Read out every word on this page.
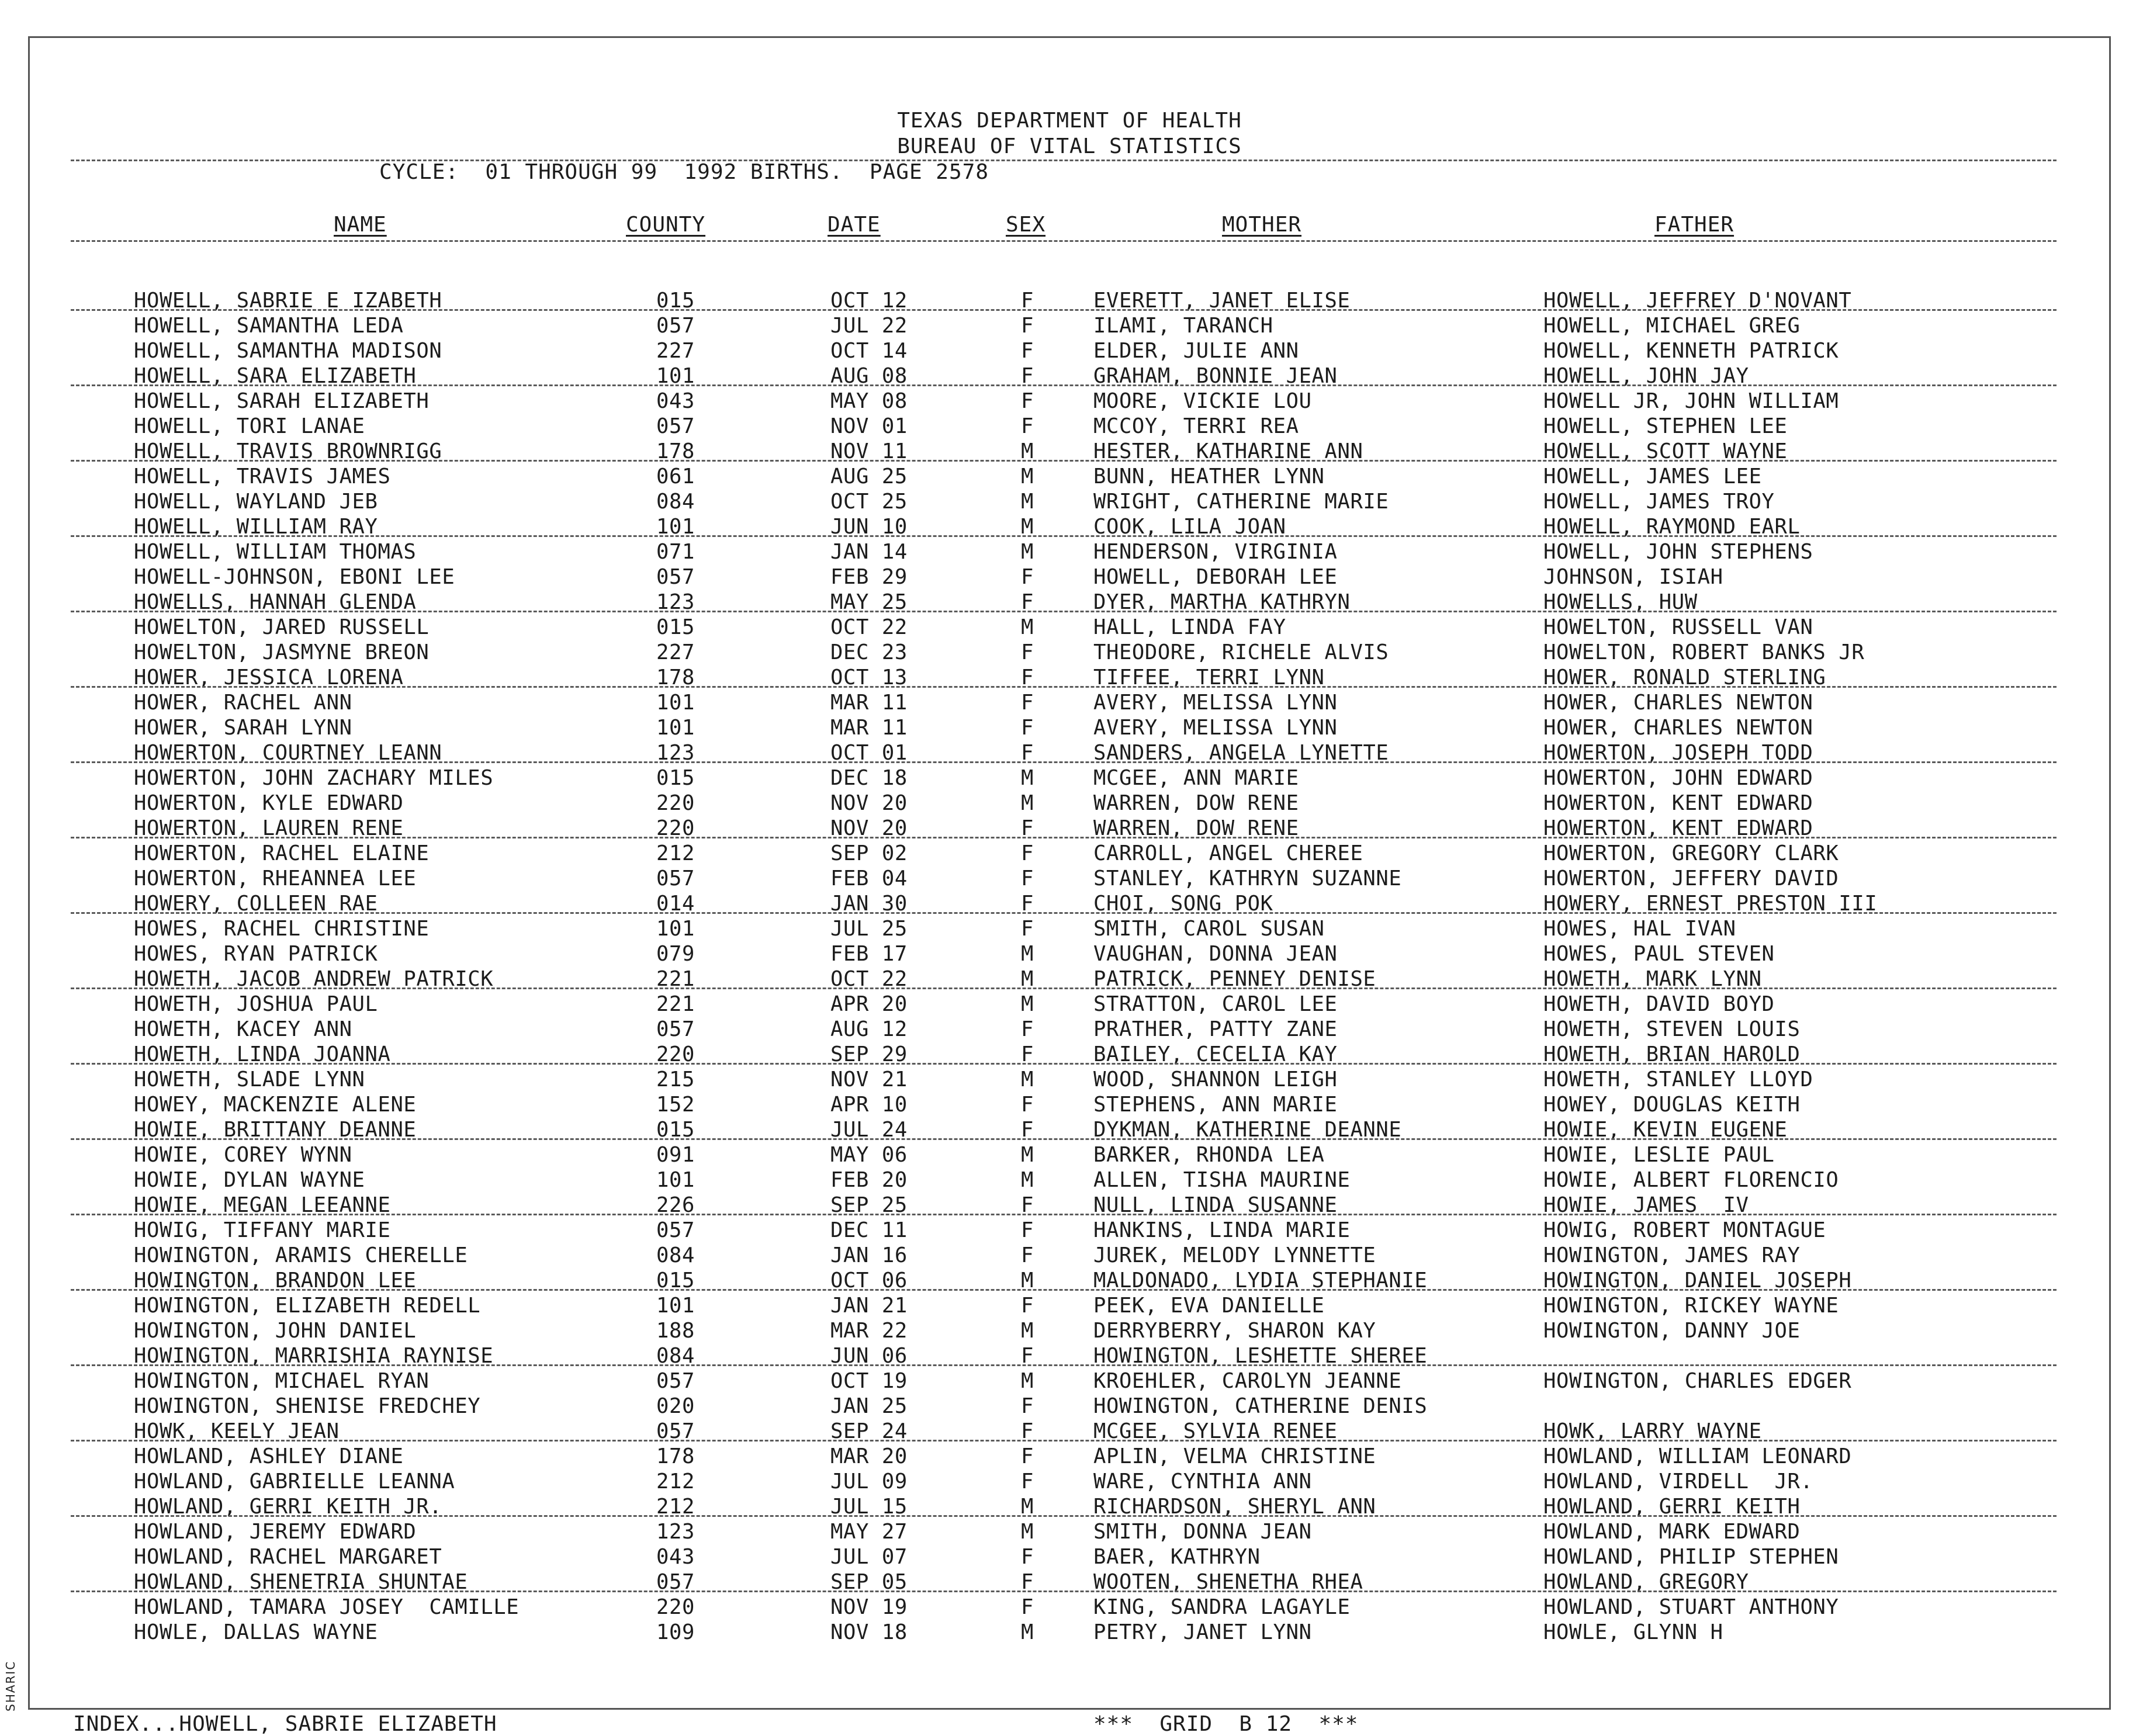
SHARIC
TEXAS DEPARTMENT OF HEALTH
BUREAU OF VITAL STATISTICS
CYCLE:  01 THROUGH 99  1992 BIRTHS.  PAGE 2578
NAME	COUNTY	DATE	SEX	MOTHER	FATHER
HOWELL, SABRIE E IZABETH	015	OCT 12	F	EVERETT, JANET ELISE	HOWELL, JEFFREY D'NOVANT
HOWELL, SAMANTHA LEDA	057	JUL 22	F	ILAMI, TARANCH	HOWELL, MICHAEL GREG
HOWELL, SAMANTHA MADISON	227	OCT 14	F	ELDER, JULIE ANN	HOWELL, KENNETH PATRICK
HOWELL, SARA ELIZABETH	101	AUG 08	F	GRAHAM, BONNIE JEAN	HOWELL, JOHN JAY
HOWELL, SARAH ELIZABETH	043	MAY 08	F	MOORE, VICKIE LOU	HOWELL JR, JOHN WILLIAM
HOWELL, TORI LANAE	057	NOV 01	F	MCCOY, TERRI REA	HOWELL, STEPHEN LEE
HOWELL, TRAVIS BROWNRIGG	178	NOV 11	M	HESTER, KATHARINE ANN	HOWELL, SCOTT WAYNE
HOWELL, TRAVIS JAMES	061	AUG 25	M	BUNN, HEATHER LYNN	HOWELL, JAMES LEE
HOWELL, WAYLAND JEB	084	OCT 25	M	WRIGHT, CATHERINE MARIE	HOWELL, JAMES TROY
HOWELL, WILLIAM RAY	101	JUN 10	M	COOK, LILA JOAN	HOWELL, RAYMOND EARL
HOWELL, WILLIAM THOMAS	071	JAN 14	M	HENDERSON, VIRGINIA	HOWELL, JOHN STEPHENS
HOWELL-JOHNSON, EBONI LEE	057	FEB 29	F	HOWELL, DEBORAH LEE	JOHNSON, ISIAH
HOWELLS, HANNAH GLENDA	123	MAY 25	F	DYER, MARTHA KATHRYN	HOWELLS, HUW
HOWELTON, JARED RUSSELL	015	OCT 22	M	HALL, LINDA FAY	HOWELTON, RUSSELL VAN
HOWELTON, JASMYNE BREON	227	DEC 23	F	THEODORE, RICHELE ALVIS	HOWELTON, ROBERT BANKS JR
HOWER, JESSICA LORENA	178	OCT 13	F	TIFFEE, TERRI LYNN	HOWER, RONALD STERLING
HOWER, RACHEL ANN	101	MAR 11	F	AVERY, MELISSA LYNN	HOWER, CHARLES NEWTON
HOWER, SARAH LYNN	101	MAR 11	F	AVERY, MELISSA LYNN	HOWER, CHARLES NEWTON
HOWERTON, COURTNEY LEANN	123	OCT 01	F	SANDERS, ANGELA LYNETTE	HOWERTON, JOSEPH TODD
HOWERTON, JOHN ZACHARY MILES	015	DEC 18	M	MCGEE, ANN MARIE	HOWERTON, JOHN EDWARD
HOWERTON, KYLE EDWARD	220	NOV 20	M	WARREN, DOW RENE	HOWERTON, KENT EDWARD
HOWERTON, LAUREN RENE	220	NOV 20	F	WARREN, DOW RENE	HOWERTON, KENT EDWARD
HOWERTON, RACHEL ELAINE	212	SEP 02	F	CARROLL, ANGEL CHEREE	HOWERTON, GREGORY CLARK
HOWERTON, RHEANNEA LEE	057	FEB 04	F	STANLEY, KATHRYN SUZANNE	HOWERTON, JEFFERY DAVID
HOWERY, COLLEEN RAE	014	JAN 30	F	CHOI, SONG POK	HOWERY, ERNEST PRESTON III
HOWES, RACHEL CHRISTINE	101	JUL 25	F	SMITH, CAROL SUSAN	HOWES, HAL IVAN
HOWES, RYAN PATRICK	079	FEB 17	M	VAUGHAN, DONNA JEAN	HOWES, PAUL STEVEN
HOWETH, JACOB ANDREW PATRICK	221	OCT 22	M	PATRICK, PENNEY DENISE	HOWETH, MARK LYNN
HOWETH, JOSHUA PAUL	221	APR 20	M	STRATTON, CAROL LEE	HOWETH, DAVID BOYD
HOWETH, KACEY ANN	057	AUG 12	F	PRATHER, PATTY ZANE	HOWETH, STEVEN LOUIS
HOWETH, LINDA JOANNA	220	SEP 29	F	BAILEY, CECELIA KAY	HOWETH, BRIAN HAROLD
HOWETH, SLADE LYNN	215	NOV 21	M	WOOD, SHANNON LEIGH	HOWETH, STANLEY LLOYD
HOWEY, MACKENZIE ALENE	152	APR 10	F	STEPHENS, ANN MARIE	HOWEY, DOUGLAS KEITH
HOWIE, BRITTANY DEANNE	015	JUL 24	F	DYKMAN, KATHERINE DEANNE	HOWIE, KEVIN EUGENE
HOWIE, COREY WYNN	091	MAY 06	M	BARKER, RHONDA LEA	HOWIE, LESLIE PAUL
HOWIE, DYLAN WAYNE	101	FEB 20	M	ALLEN, TISHA MAURINE	HOWIE, ALBERT FLORENCIO
HOWIE, MEGAN LEEANNE	226	SEP 25	F	NULL, LINDA SUSANNE	HOWIE, JAMES  IV
HOWIG, TIFFANY MARIE	057	DEC 11	F	HANKINS, LINDA MARIE	HOWIG, ROBERT MONTAGUE
HOWINGTON, ARAMIS CHERELLE	084	JAN 16	F	JUREK, MELODY LYNNETTE	HOWINGTON, JAMES RAY
HOWINGTON, BRANDON LEE	015	OCT 06	M	MALDONADO, LYDIA STEPHANIE	HOWINGTON, DANIEL JOSEPH
HOWINGTON, ELIZABETH REDELL	101	JAN 21	F	PEEK, EVA DANIELLE	HOWINGTON, RICKEY WAYNE
HOWINGTON, JOHN DANIEL	188	MAR 22	M	DERRYBERRY, SHARON KAY	HOWINGTON, DANNY JOE
HOWINGTON, MARRISHIA RAYNISE	084	JUN 06	F	HOWINGTON, LESHETTE SHEREE
HOWINGTON, MICHAEL RYAN	057	OCT 19	M	KROEHLER, CAROLYN JEANNE	HOWINGTON, CHARLES EDGER
HOWINGTON, SHENISE FREDCHEY	020	JAN 25	F	HOWINGTON, CATHERINE DENIS
HOWK, KEELY JEAN	057	SEP 24	F	MCGEE, SYLVIA RENEE	HOWK, LARRY WAYNE
HOWLAND, ASHLEY DIANE	178	MAR 20	F	APLIN, VELMA CHRISTINE	HOWLAND, WILLIAM LEONARD
HOWLAND, GABRIELLE LEANNA	212	JUL 09	F	WARE, CYNTHIA ANN	HOWLAND, VIRDELL  JR.
HOWLAND, GERRI KEITH JR.	212	JUL 15	M	RICHARDSON, SHERYL ANN	HOWLAND, GERRI KEITH
HOWLAND, JEREMY EDWARD	123	MAY 27	M	SMITH, DONNA JEAN	HOWLAND, MARK EDWARD
HOWLAND, RACHEL MARGARET	043	JUL 07	F	BAER, KATHRYN	HOWLAND, PHILIP STEPHEN
HOWLAND, SHENETRIA SHUNTAE	057	SEP 05	F	WOOTEN, SHENETHA RHEA	HOWLAND, GREGORY
HOWLAND, TAMARA JOSEY  CAMILLE	220	NOV 19	F	KING, SANDRA LAGAYLE	HOWLAND, STUART ANTHONY
HOWLE, DALLAS WAYNE	109	NOV 18	M	PETRY, JANET LYNN	HOWLE, GLYNN H
INDEX...HOWELL, SABRIE ELIZABETH	***  GRID  B 12  ***
